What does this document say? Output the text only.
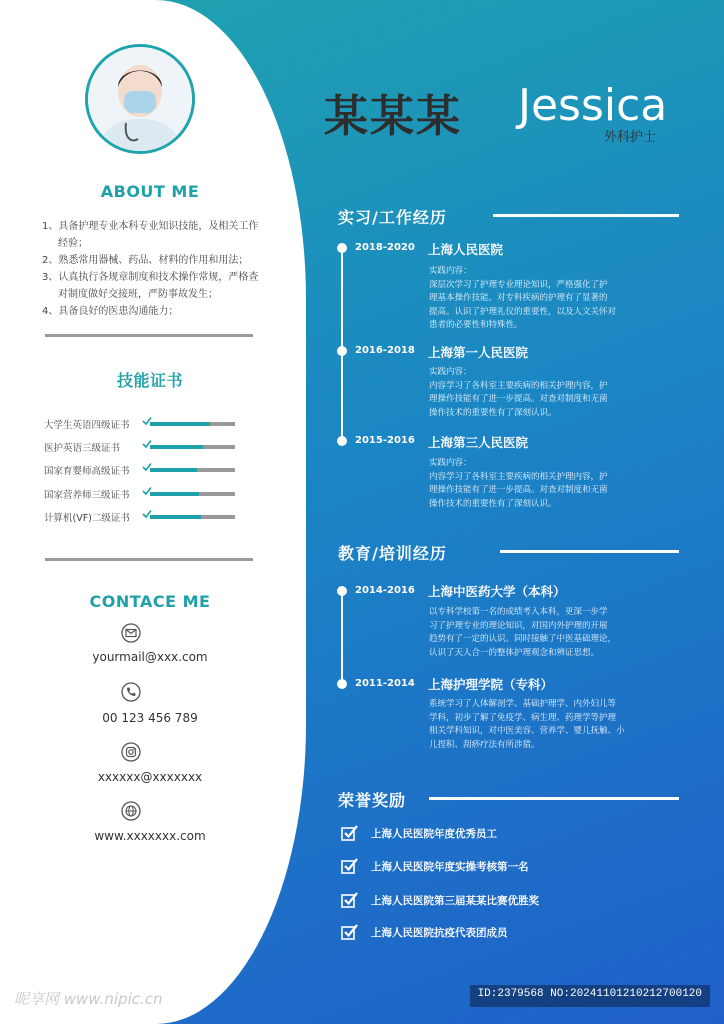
ABOUT ME
1、具备护理专业本科专业知识技能，及相关工作经验；
2、熟悉常用器械、药品、材料的作用和用法；
3、认真执行各规章制度和技术操作常规，严格查对制度做好交接班，严防事故发生；
4、具备良好的医患沟通能力；
技能证书
大学生英语四级证书
医护英语三级证书
国家育婴师高级证书
国家营养师三级证书
计算机(VF)二级证书
CONTACE ME
yourmail@xxx.com
00 123 456 789
xxxxxx@xxxxxxx
www.xxxxxxx.com
某某某 Jessica
外科护士
实习/工作经历
2018-2020 上海人民医院
实践内容：
深层次学习了护理专业理论知识，严格强化了护
理基本操作技能。对专科疾病的护理有了显著的
提高。认识了护理礼仪的重要性，以及人文关怀对
患者的必要性和特殊性。
2016-2018 上海第一人民医院
实践内容：
内容学习了各科室主要疾病的相关护理内容，护
理操作技能有了进一步提高。对查对制度和无菌
操作技术的重要性有了深刻认识。
2015-2016 上海第三人民医院
实践内容：
内容学习了各科室主要疾病的相关护理内容，护
理操作技能有了进一步提高。对查对制度和无菌
操作技术的重要性有了深刻认识。
教育/培训经历
2014-2016 上海中医药大学（本科）
以专科学校第一名的成绩考入本科，更深一步学
习了护理专业的理论知识，对国内外护理的开展
趋势有了一定的认识。同时接触了中医基础理论，
认识了天人合一的整体护理观念和辨证思想。
2011-2014 上海护理学院（专科）
系统学习了人体解剖学、基础护理学、内外妇儿等
学科，初步了解了免疫学、病生理、药理学等护理
相关学科知识，对中医美容、营养学、婴儿抚触、小
儿捏积、刮痧疗法有所涉猎。
荣誉奖励
上海人民医院年度优秀员工
上海人民医院年度实操考核第一名
上海人民医院第三届某某比赛优胜奖
上海人民医院抗疫代表团成员
昵享网 www.nipic.cn	ID:2379568 NO:20241101210212700120
